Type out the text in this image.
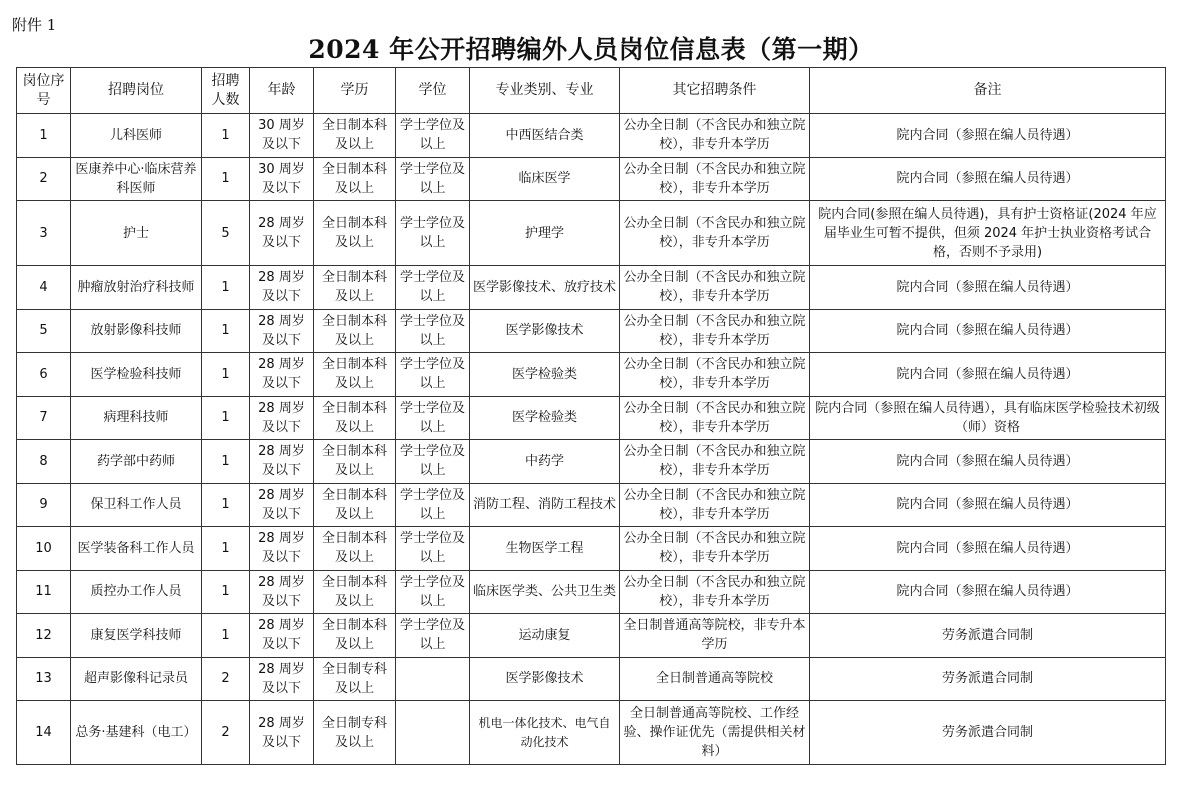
附件 1
2024 年公开招聘编外人员岗位信息表（第一期）
岗位序号	招聘岗位	招聘人数	年龄	学历	学位	专业类别、专业	其它招聘条件	备注
1	儿科医师	1	30 周岁及以下	全日制本科及以上	学士学位及以上	中西医结合类	公办全日制（不含民办和独立院校），非专升本学历	院内合同（参照在编人员待遇）
2	医康养中心·临床营养科医师	1	30 周岁及以下	全日制本科及以上	学士学位及以上	临床医学	公办全日制（不含民办和独立院校），非专升本学历	院内合同（参照在编人员待遇）
3	护士	5	28 周岁及以下	全日制本科及以上	学士学位及以上	护理学	公办全日制（不含民办和独立院校），非专升本学历	院内合同(参照在编人员待遇)，具有护士资格证(2024 年应届毕业生可暂不提供，但须 2024 年护士执业资格考试合格，否则不予录用)
4	肿瘤放射治疗科技师	1	28 周岁及以下	全日制本科及以上	学士学位及以上	医学影像技术、放疗技术	公办全日制（不含民办和独立院校），非专升本学历	院内合同（参照在编人员待遇）
5	放射影像科技师	1	28 周岁及以下	全日制本科及以上	学士学位及以上	医学影像技术	公办全日制（不含民办和独立院校），非专升本学历	院内合同（参照在编人员待遇）
6	医学检验科技师	1	28 周岁及以下	全日制本科及以上	学士学位及以上	医学检验类	公办全日制（不含民办和独立院校），非专升本学历	院内合同（参照在编人员待遇）
7	病理科技师	1	28 周岁及以下	全日制本科及以上	学士学位及以上	医学检验类	公办全日制（不含民办和独立院校），非专升本学历	院内合同（参照在编人员待遇），具有临床医学检验技术初级（师）资格
8	药学部中药师	1	28 周岁及以下	全日制本科及以上	学士学位及以上	中药学	公办全日制（不含民办和独立院校），非专升本学历	院内合同（参照在编人员待遇）
9	保卫科工作人员	1	28 周岁及以下	全日制本科及以上	学士学位及以上	消防工程、消防工程技术	公办全日制（不含民办和独立院校），非专升本学历	院内合同（参照在编人员待遇）
10	医学装备科工作人员	1	28 周岁及以下	全日制本科及以上	学士学位及以上	生物医学工程	公办全日制（不含民办和独立院校），非专升本学历	院内合同（参照在编人员待遇）
11	质控办工作人员	1	28 周岁及以下	全日制本科及以上	学士学位及以上	临床医学类、公共卫生类	公办全日制（不含民办和独立院校），非专升本学历	院内合同（参照在编人员待遇）
12	康复医学科技师	1	28 周岁及以下	全日制本科及以上	学士学位及以上	运动康复	全日制普通高等院校，非专升本学历	劳务派遣合同制
13	超声影像科记录员	2	28 周岁及以下	全日制专科及以上		医学影像技术	全日制普通高等院校	劳务派遣合同制
14	总务·基建科（电工）	2	28 周岁及以下	全日制专科及以上		机电一体化技术、电气自动化技术	全日制普通高等院校、工作经验、操作证优先（需提供相关材料）	劳务派遣合同制
